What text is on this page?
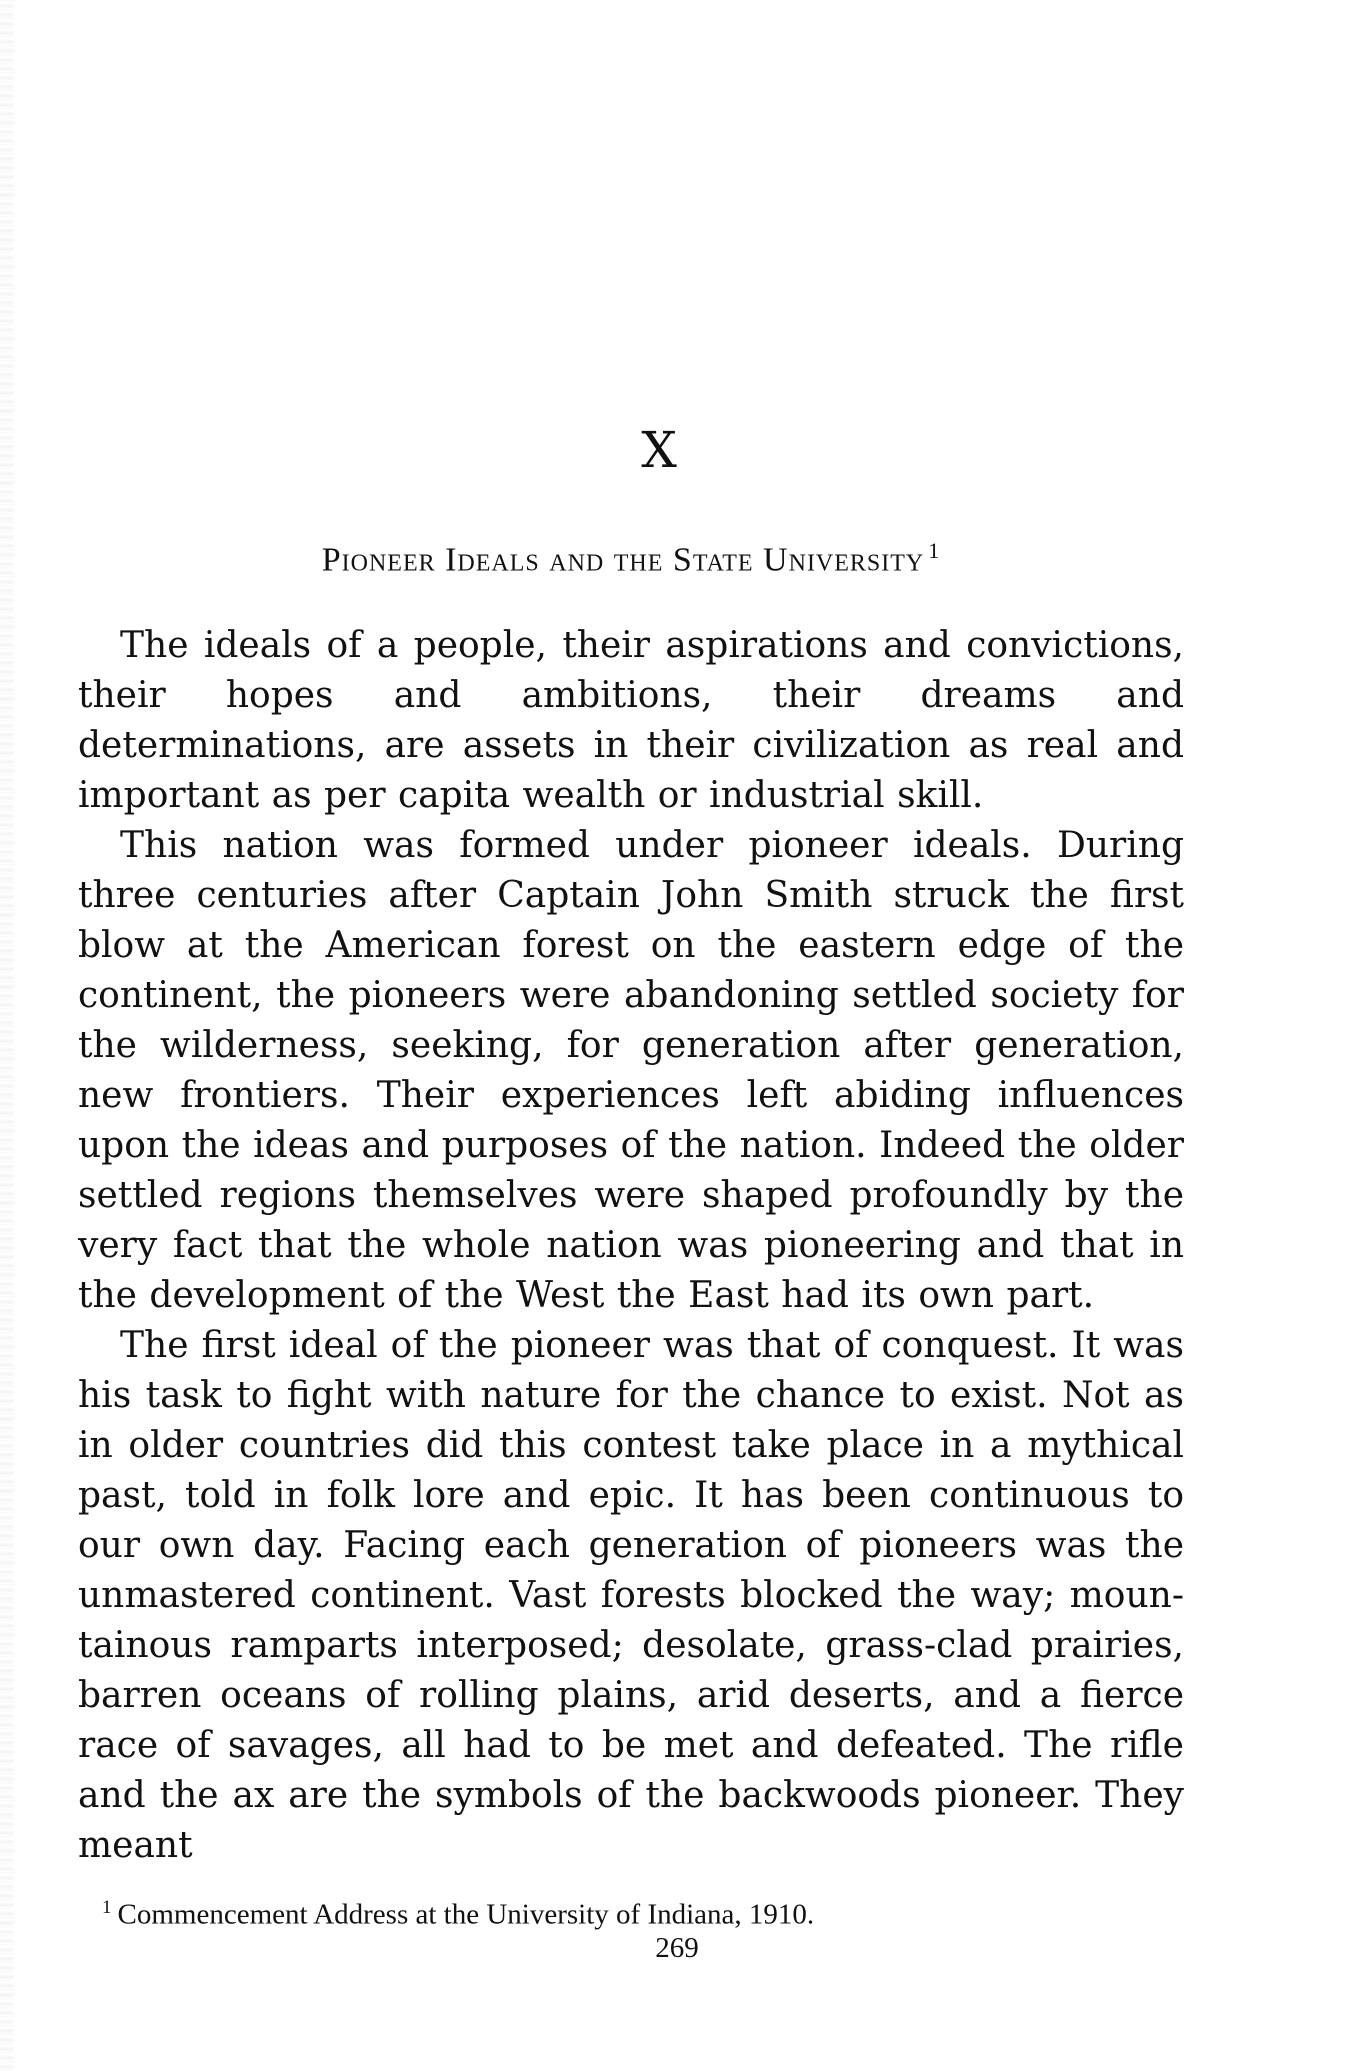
X
Pioneer Ideals and the State University $^1$

The ideals of a people, their aspirations and convictions, their hopes and ambitions, their dreams and determinations, are assets in their civilization as real and important as per capita wealth or industrial skill.

This nation was formed under pioneer ideals. During three centuries after Captain John Smith struck the first blow at the American forest on the eastern edge of the continent, the pioneers were abandoning settled society for the wilderness, seeking, for generation after generation, new frontiers. Their experiences left abiding influences upon the ideas and purposes of the nation. Indeed the older settled regions themselves were shaped profoundly by the very fact that the whole nation was pioneering and that in the development of the West the East had its own part.

The first ideal of the pioneer was that of conquest. It was his task to fight with nature for the chance to exist. Not as in older countries did this contest take place in a mythical past, told in folk lore and epic. It has been continuous to our own day. Facing each generation of pioneers was the unmastered continent. Vast forests blocked the way; mountainous ramparts interposed; desolate, grass-clad prairies, barren oceans of rolling plains, arid deserts, and a fierce race of savages, all had to be met and defeated. The rifle and the ax are the symbols of the backwoods pioneer. They meant

$^1$ Commencement Address at the University of Indiana, 1910.

269
